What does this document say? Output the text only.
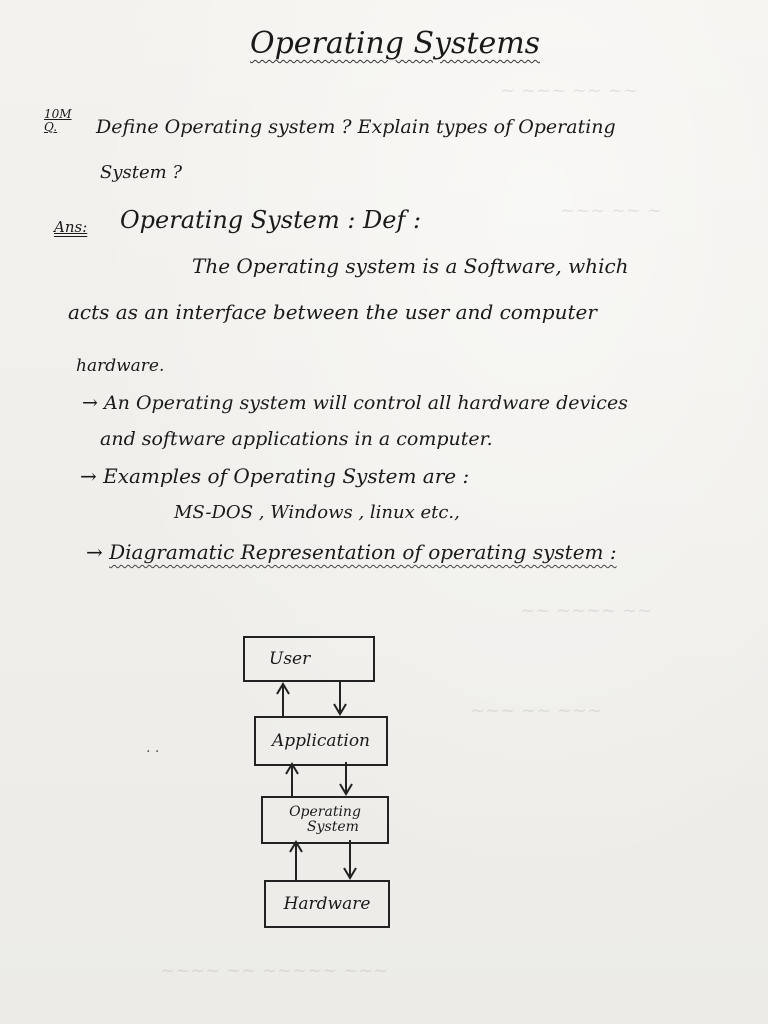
~ ~~~ ~~ ~~
~~~ ~~ ~
~~ ~~~~ ~~
~~~ ~~ ~~~
~~~~ ~~ ~~~~~ ~~~
Operating Systems
10M
Q.	Define Operating system ? Explain types of Operating
System ?
Ans: Operating System : Def :
The Operating system is a Software, which
acts as an interface between the user and computer
hardware.
→ An Operating system will control all hardware devices
and software applications in a computer.
→ Examples of Operating System are :
MS-DOS , Windows , linux etc.,
→ Diagramatic Representation of operating system :
User
Application
Operating
System
Hardware
. .
